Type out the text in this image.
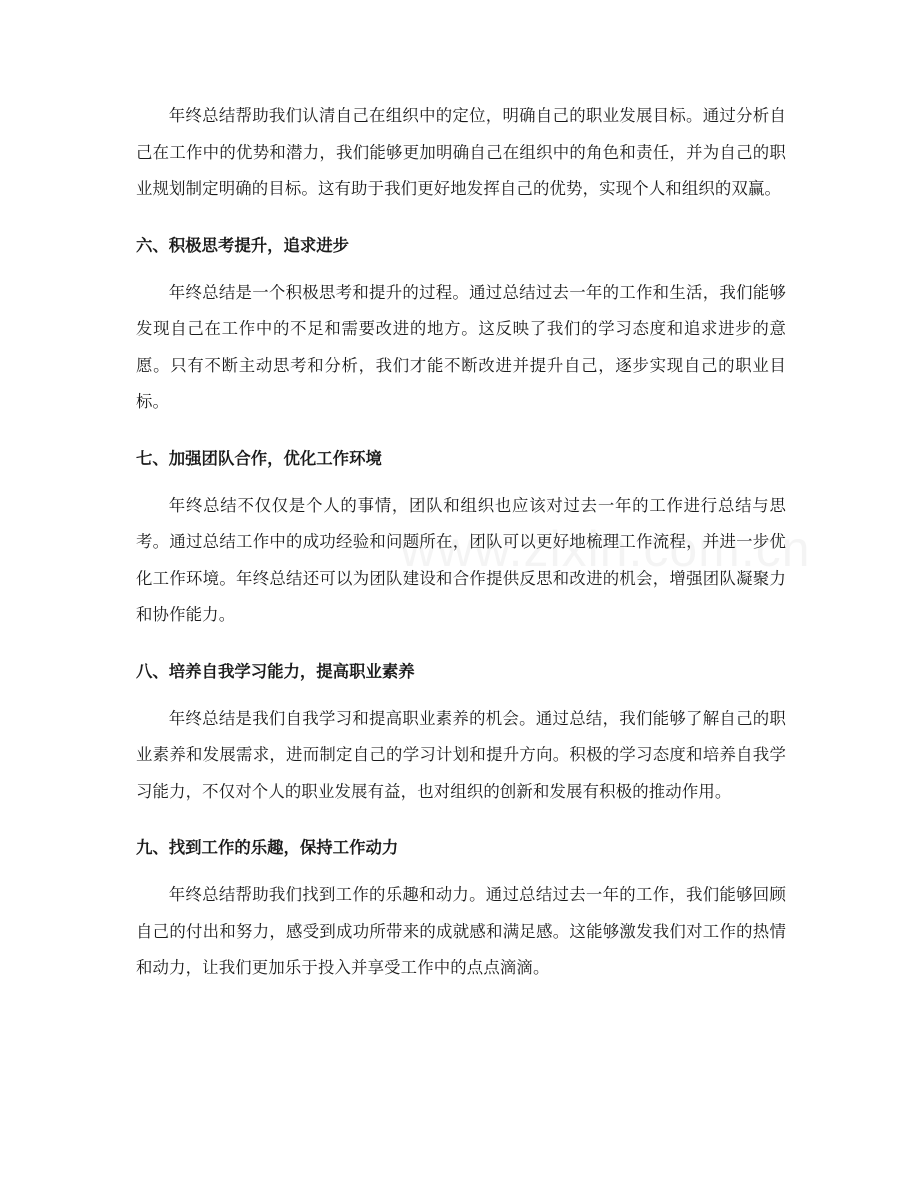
年终总结帮助我们认清自己在组织中的定位，明确自己的职业发展目标。通过分析自己在工作中的优势和潜力，我们能够更加明确自己在组织中的角色和责任，并为自己的职业规划制定明确的目标。这有助于我们更好地发挥自己的优势，实现个人和组织的双赢。

六、积极思考提升，追求进步

年终总结是一个积极思考和提升的过程。通过总结过去一年的工作和生活，我们能够发现自己在工作中的不足和需要改进的地方。这反映了我们的学习态度和追求进步的意愿。只有不断主动思考和分析，我们才能不断改进并提升自己，逐步实现自己的职业目标。

七、加强团队合作，优化工作环境

年终总结不仅仅是个人的事情，团队和组织也应该对过去一年的工作进行总结与思考。通过总结工作中的成功经验和问题所在，团队可以更好地梳理工作流程，并进一步优化工作环境。年终总结还可以为团队建设和合作提供反思和改进的机会，增强团队凝聚力和协作能力。

八、培养自我学习能力，提高职业素养

年终总结是我们自我学习和提高职业素养的机会。通过总结，我们能够了解自己的职业素养和发展需求，进而制定自己的学习计划和提升方向。积极的学习态度和培养自我学习能力，不仅对个人的职业发展有益，也对组织的创新和发展有积极的推动作用。

九、找到工作的乐趣，保持工作动力

年终总结帮助我们找到工作的乐趣和动力。通过总结过去一年的工作，我们能够回顾自己的付出和努力，感受到成功所带来的成就感和满足感。这能够激发我们对工作的热情和动力，让我们更加乐于投入并享受工作中的点点滴滴。
